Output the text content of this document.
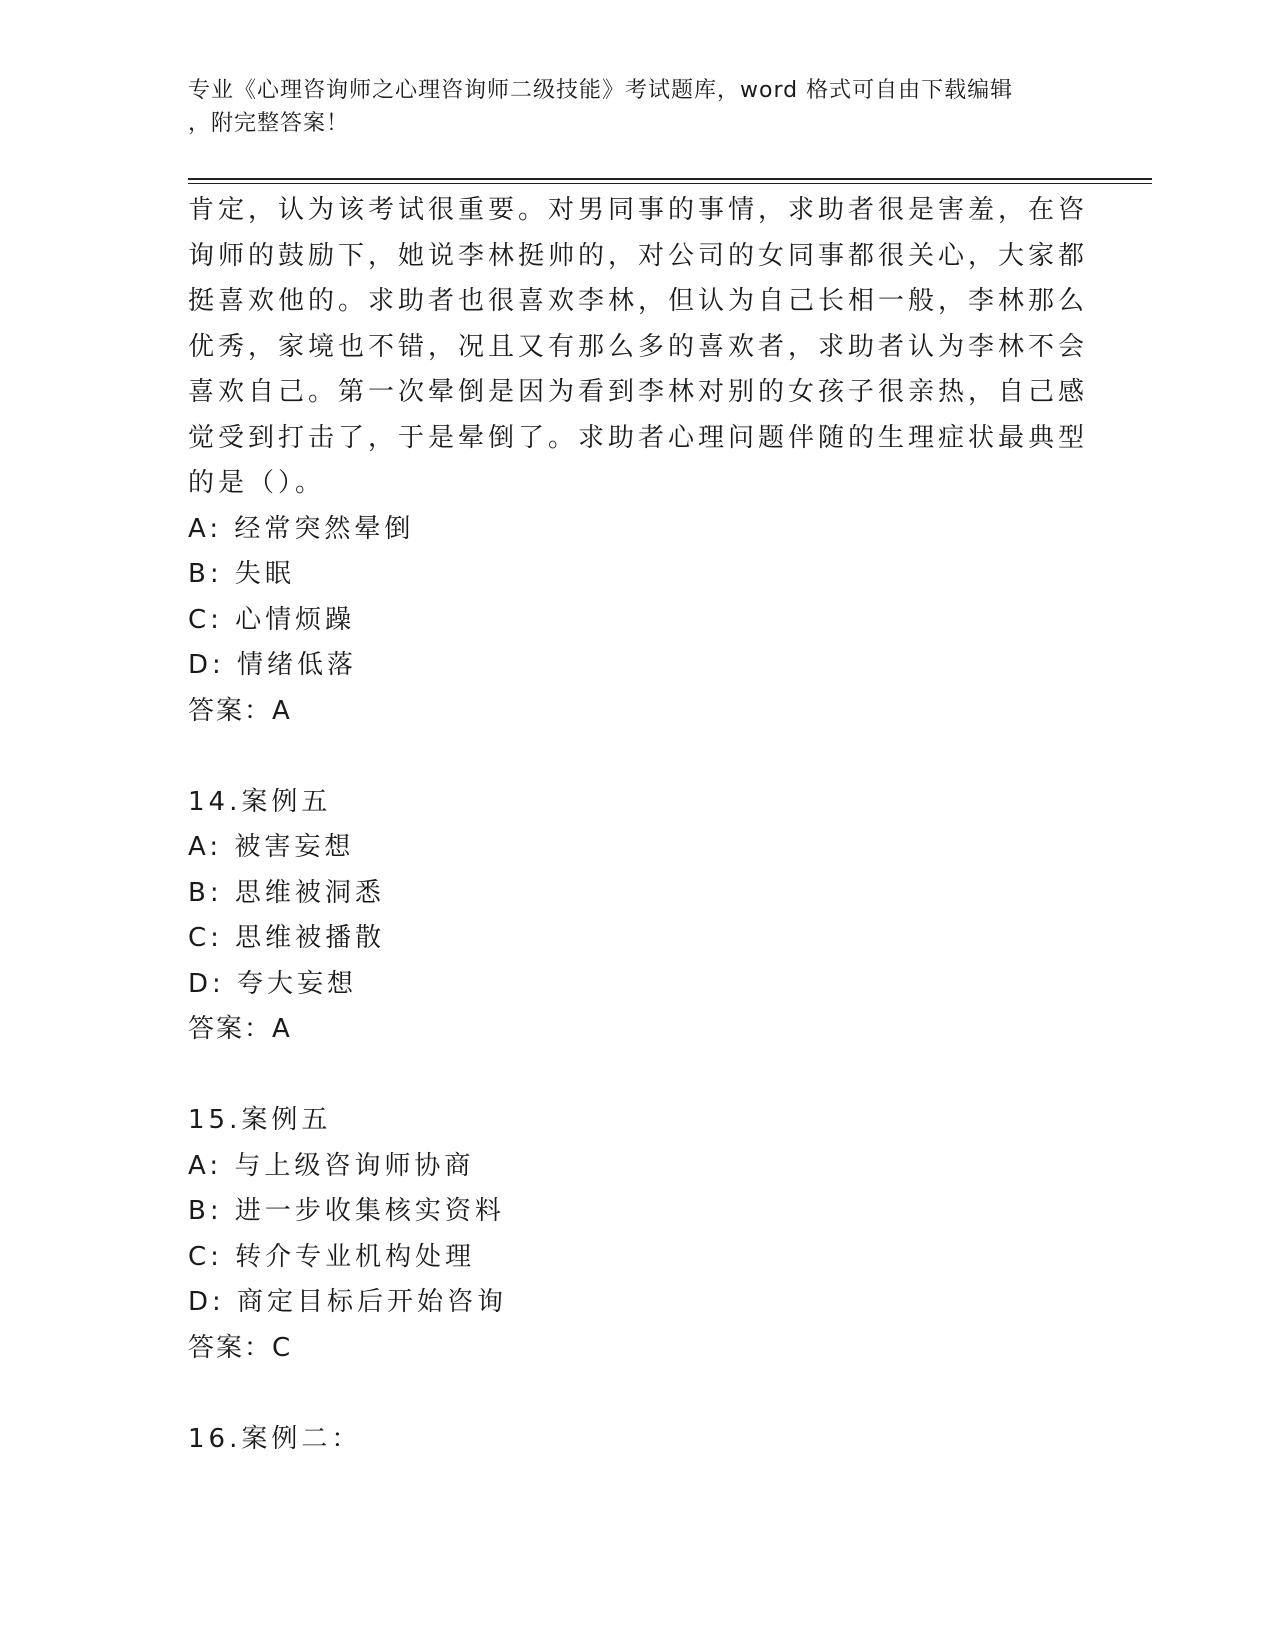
专业《心理咨询师之心理咨询师二级技能》考试题库，word 格式可自由下载编辑
，附完整答案！
肯定，认为该考试很重要。对男同事的事情，求助者很是害羞，在咨
询师的鼓励下，她说李林挺帅的，对公司的女同事都很关心，大家都
挺喜欢他的。求助者也很喜欢李林，但认为自己长相一般，李林那么
优秀，家境也不错，况且又有那么多的喜欢者，求助者认为李林不会
喜欢自己。第一次晕倒是因为看到李林对别的女孩子很亲热，自己感
觉受到打击了，于是晕倒了。求助者心理问题伴随的生理症状最典型
的是（）。
A: 经常突然晕倒
B: 失眠
C: 心情烦躁
D: 情绪低落
答案：A
14.案例五
A: 被害妄想
B: 思维被洞悉
C: 思维被播散
D: 夸大妄想
答案：A
15.案例五
A: 与上级咨询师协商
B: 进一步收集核实资料
C: 转介专业机构处理
D: 商定目标后开始咨询
答案：C
16.案例二：
